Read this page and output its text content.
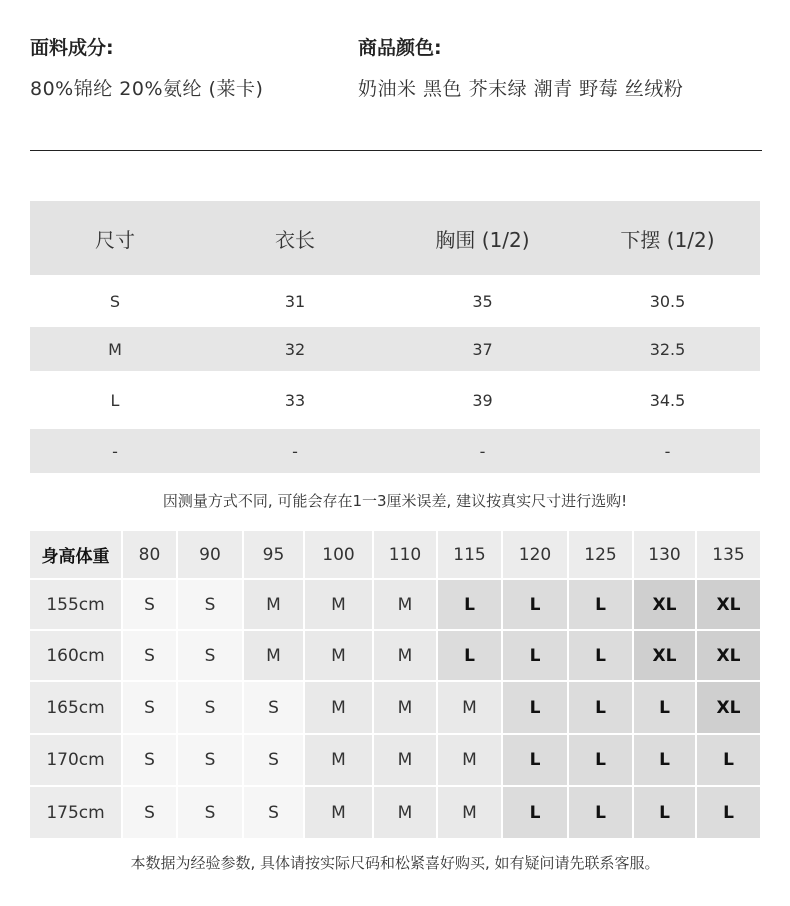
面料成分:
80%锦纶 20%氨纶 (莱卡)
商品颜色:
奶油米 黑色 芥末绿 潮青 野莓 丝绒粉
尺寸	衣长	胸围 (1/2)	下摆 (1/2)
S	31	35	30.5
M	32	37	32.5
L	33	39	34.5
-	-	-	-
因测量方式不同, 可能会存在1一3厘米误差, 建议按真实尺寸进行选购!
身高体重	80	90	95	100	110	115	120	125	130	135
155cm	S	S	M	M	M	L	L	L	XL	XL
160cm	S	S	M	M	M	L	L	L	XL	XL
165cm	S	S	S	M	M	M	L	L	L	XL
170cm	S	S	S	M	M	M	L	L	L	L
175cm	S	S	S	M	M	M	L	L	L	L
本数据为经验参数, 具体请按实际尺码和松紧喜好购买, 如有疑问请先联系客服。
